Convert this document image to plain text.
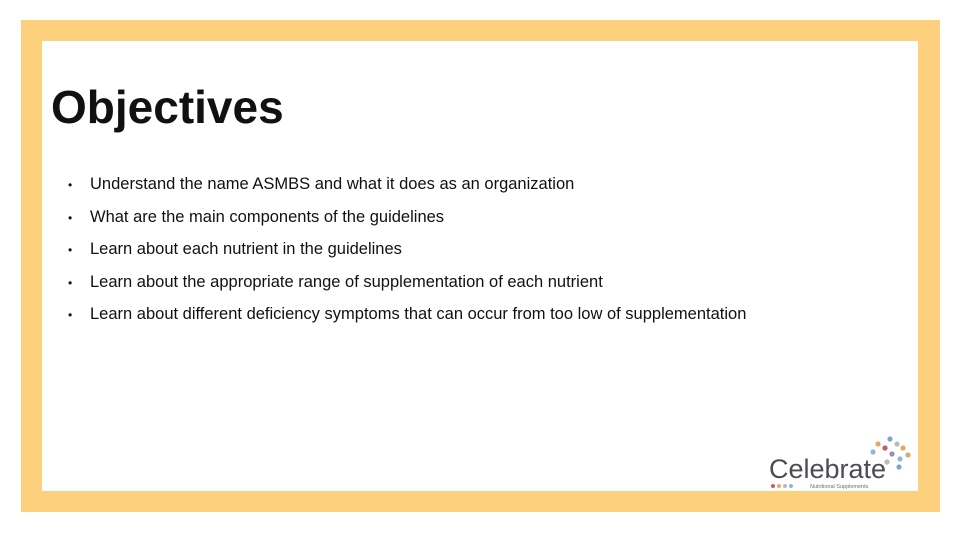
Objectives
• Understand the name ASMBS and what it does as an organization
• What are the main components of the guidelines
• Learn about each nutrient in the guidelines
• Learn about the appropriate range of supplementation of each nutrient
• Learn about different deficiency symptoms that can occur from too low of supplementation
Celebrate
Nutritional Supplements
